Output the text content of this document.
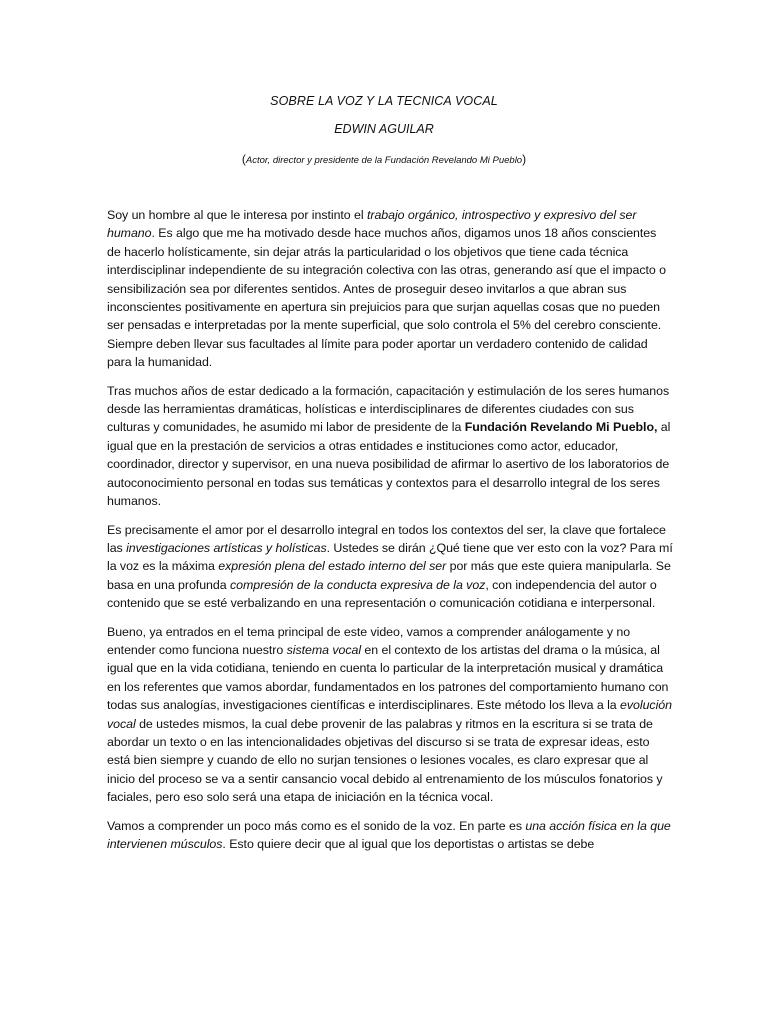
SOBRE LA VOZ Y LA TECNICA VOCAL
EDWIN AGUILAR
(Actor, director y presidente de la Fundación Revelando Mi Pueblo)

Soy un hombre al que le interesa por instinto el trabajo orgánico, introspectivo y expresivo del ser humano. Es algo que me ha motivado desde hace muchos años, digamos unos 18 años conscientes de hacerlo holísticamente, sin dejar atrás la particularidad o los objetivos que tiene cada técnica interdisciplinar independiente de su integración colectiva con las otras, generando así que el impacto o sensibilización sea por diferentes sentidos. Antes de proseguir deseo invitarlos a que abran sus inconscientes positivamente en apertura sin prejuicios para que surjan aquellas cosas que no pueden ser pensadas e interpretadas por la mente superficial, que solo controla el 5% del cerebro consciente. Siempre deben llevar sus facultades al límite para poder aportar un verdadero contenido de calidad para la humanidad.

Tras muchos años de estar dedicado a la formación, capacitación y estimulación de los seres humanos desde las herramientas dramáticas, holísticas e interdisciplinares de diferentes ciudades con sus culturas y comunidades, he asumido mi labor de presidente de la Fundación Revelando Mi Pueblo, al igual que en la prestación de servicios a otras entidades e instituciones como actor, educador, coordinador, director y supervisor, en una nueva posibilidad de afirmar lo asertivo de los laboratorios de autoconocimiento personal en todas sus temáticas y contextos para el desarrollo integral de los seres humanos.

Es precisamente el amor por el desarrollo integral en todos los contextos del ser, la clave que fortalece las investigaciones artísticas y holísticas. Ustedes se dirán ¿Qué tiene que ver esto con la voz? Para mí la voz es la máxima expresión plena del estado interno del ser por más que este quiera manipularla. Se basa en una profunda compresión de la conducta expresiva de la voz, con independencia del autor o contenido que se esté verbalizando en una representación o comunicación cotidiana e interpersonal.

Bueno, ya entrados en el tema principal de este video, vamos a comprender análogamente y no entender como funciona nuestro sistema vocal en el contexto de los artistas del drama o la música, al igual que en la vida cotidiana, teniendo en cuenta lo particular de la interpretación musical y dramática en los referentes que vamos abordar, fundamentados en los patrones del comportamiento humano con todas sus analogías, investigaciones científicas e interdisciplinares. Este método los lleva a la evolución vocal de ustedes mismos, la cual debe provenir de las palabras y ritmos en la escritura si se trata de abordar un texto o en las intencionalidades objetivas del discurso si se trata de expresar ideas, esto está bien siempre y cuando de ello no surjan tensiones o lesiones vocales, es claro expresar que al inicio del proceso se va a sentir cansancio vocal debido al entrenamiento de los músculos fonatorios y faciales, pero eso solo será una etapa de iniciación en la técnica vocal.

Vamos a comprender un poco más como es el sonido de la voz. En parte es una acción física en la que intervienen músculos. Esto quiere decir que al igual que los deportistas o artistas se debe
